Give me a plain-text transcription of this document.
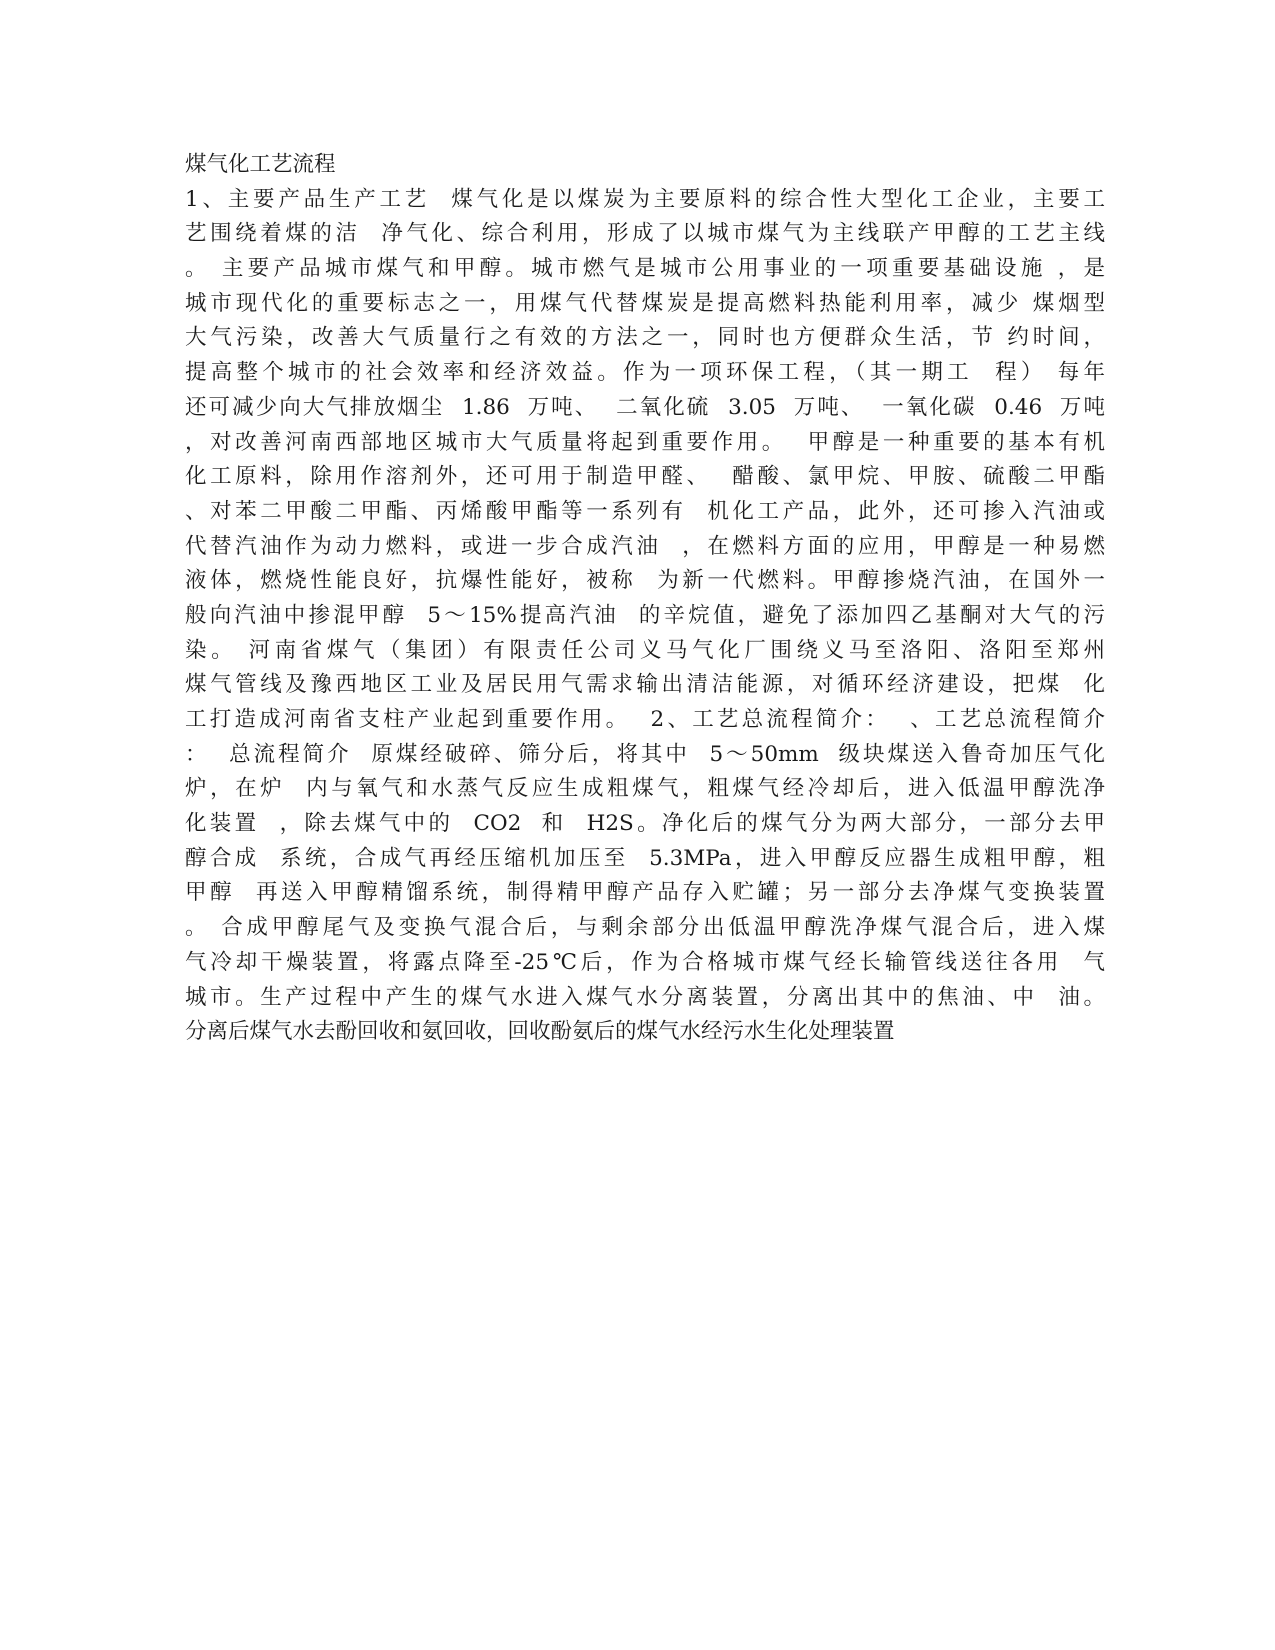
煤气化工艺流程
1、主要产品生产工艺  煤气化是以煤炭为主要原料的综合性大型化工企业，主要工
艺围绕着煤的洁  净气化、综合利用，形成了以城市煤气为主线联产甲醇的工艺主线
。 主要产品城市煤气和甲醇。城市燃气是城市公用事业的一项重要基础设施 ，是
城市现代化的重要标志之一，用煤气代替煤炭是提高燃料热能利用率，减少 煤烟型
大气污染，改善大气质量行之有效的方法之一，同时也方便群众生活，节 约时间，
提高整个城市的社会效率和经济效益。作为一项环保工程，（其一期工  程） 每年
还可减少向大气排放烟尘  1.86  万吨、  二氧化硫  3.05  万吨、  一氧化碳  0.46  万吨
，对改善河南西部地区城市大气质量将起到重要作用。  甲醇是一种重要的基本有机
化工原料，除用作溶剂外，还可用于制造甲醛、  醋酸、氯甲烷、甲胺、硫酸二甲酯
、对苯二甲酸二甲酯、丙烯酸甲酯等一系列有  机化工产品，此外，还可掺入汽油或
代替汽油作为动力燃料，或进一步合成汽油  ，在燃料方面的应用，甲醇是一种易燃
液体，燃烧性能良好，抗爆性能好，被称  为新一代燃料。甲醇掺烧汽油，在国外一
般向汽油中掺混甲醇  5～15%提高汽油  的辛烷值，避免了添加四乙基酮对大气的污
染。 河南省煤气（集团）有限责任公司义马气化厂围绕义马至洛阳、洛阳至郑州
煤气管线及豫西地区工业及居民用气需求输出清洁能源，对循环经济建设，把煤  化
工打造成河南省支柱产业起到重要作用。  2、工艺总流程简介：  、工艺总流程简介
：  总流程简介  原煤经破碎、筛分后，将其中  5～50mm  级块煤送入鲁奇加压气化
炉，在炉  内与氧气和水蒸气反应生成粗煤气，粗煤气经冷却后，进入低温甲醇洗净
化装置  ，除去煤气中的  CO2  和  H2S。净化后的煤气分为两大部分，一部分去甲
醇合成  系统，合成气再经压缩机加压至  5.3MPa，进入甲醇反应器生成粗甲醇，粗
甲醇  再送入甲醇精馏系统，制得精甲醇产品存入贮罐；另一部分去净煤气变换装置
。 合成甲醇尾气及变换气混合后，与剩余部分出低温甲醇洗净煤气混合后，进入煤
气冷却干燥装置，将露点降至-25℃后，作为合格城市煤气经长输管线送往各用  气
城市。生产过程中产生的煤气水进入煤气水分离装置，分离出其中的焦油、中  油。
分离后煤气水去酚回收和氨回收，回收酚氨后的煤气水经污水生化处理装置
